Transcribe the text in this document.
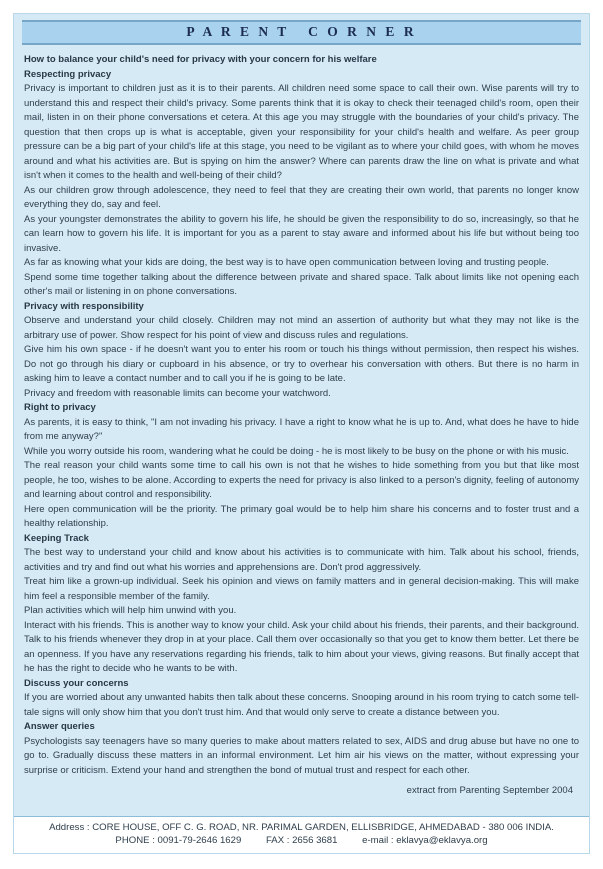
P A R E N T   C O R N E R

How to balance your child's need for privacy with your concern for his welfare

Respecting privacy

Privacy is important to children just as it is to their parents. All children need some space to call their own. Wise parents will try to understand this and respect their child's privacy. Some parents think that it is okay to check their teenaged child's room, open their mail, listen in on their phone conversations et cetera. At this age you may struggle with the boundaries of your child's privacy. The question that then crops up is what is acceptable, given your responsibility for your child's health and welfare. As peer group pressure can be a big part of your child's life at this stage, you need to be vigilant as to where your child goes, with whom he moves around and what his activities are. But is spying on him the answer? Where can parents draw the line on what is private and what isn't when it comes to the health and well-being of their child?

As our children grow through adolescence, they need to feel that they are creating their own world, that parents no longer know everything they do, say and feel.

As your youngster demonstrates the ability to govern his life, he should be given the responsibility to do so, increasingly, so that he can learn how to govern his life. It is important for you as a parent to stay aware and informed about his life but without being too invasive.

As far as knowing what your kids are doing, the best way is to have open communication between loving and trusting people.

Spend some time together talking about the difference between private and shared space. Talk about limits like not opening each other's mail or listening in on phone conversations.

Privacy with responsibility

Observe and understand your child closely. Children may not mind an assertion of authority but what they may not like is the arbitrary use of power. Show respect for his point of view and discuss rules and regulations.

Give him his own space - if he doesn't want you to enter his room or touch his things without permission, then respect his wishes. Do not go through his diary or cupboard in his absence, or try to overhear his conversation with others. But there is no harm in asking him to leave a contact number and to call you if he is going to be late.

Privacy and freedom with reasonable limits can become your watchword.

Right to privacy

As parents, it is easy to think, "I am not invading his privacy. I have a right to know what he is up to. And, what does he have to hide from me anyway?"

While you worry outside his room, wandering what he could be doing - he is most likely to be busy on the phone or with his music.

The real reason your child wants some time to call his own is not that he wishes to hide something from you but that like most people, he too, wishes to be alone. According to experts the need for privacy is also linked to a person's dignity, feeling of autonomy and learning about control and responsibility.

Here open communication will be the priority. The primary goal would be to help him share his concerns and to foster trust and a healthy relationship.

Keeping Track

The best way to understand your child and know about his activities is to communicate with him. Talk about his school, friends, activities and try and find out what his worries and apprehensions are. Don't prod aggressively.

Treat him like a grown-up individual. Seek his opinion and views on family matters and in general decision-making. This will make him feel a responsible member of the family.

Plan activities which will help him unwind with you.

Interact with his friends. This is another way to know your child. Ask your child about his friends, their parents, and their background. Talk to his friends whenever they drop in at your place. Call them over occasionally so that you get to know them better. Let there be an openness. If you have any reservations regarding his friends, talk to him about your views, giving reasons. But finally accept that he has the right to decide who he wants to be with.

Discuss your concerns

If you are worried about any unwanted habits then talk about these concerns. Snooping around in his room trying to catch some tell-tale signs will only show him that you don't trust him. And that would only serve to create a distance between you.

Answer queries

Psychologists say teenagers have so many queries to make about matters related to sex, AIDS and drug abuse but have no one to go to. Gradually discuss these matters in an informal environment. Let him air his views on the matter, without expressing your surprise or criticism. Extend your hand and strengthen the bond of mutual trust and respect for each other.

extract from Parenting September 2004

Address : CORE HOUSE, OFF C. G. ROAD, NR. PARIMAL GARDEN, ELLISBRIDGE, AHMEDABAD - 380 006 INDIA.
PHONE : 0091-79-2646 1629	FAX : 2656 3681	e-mail : eklavya@eklavya.org
